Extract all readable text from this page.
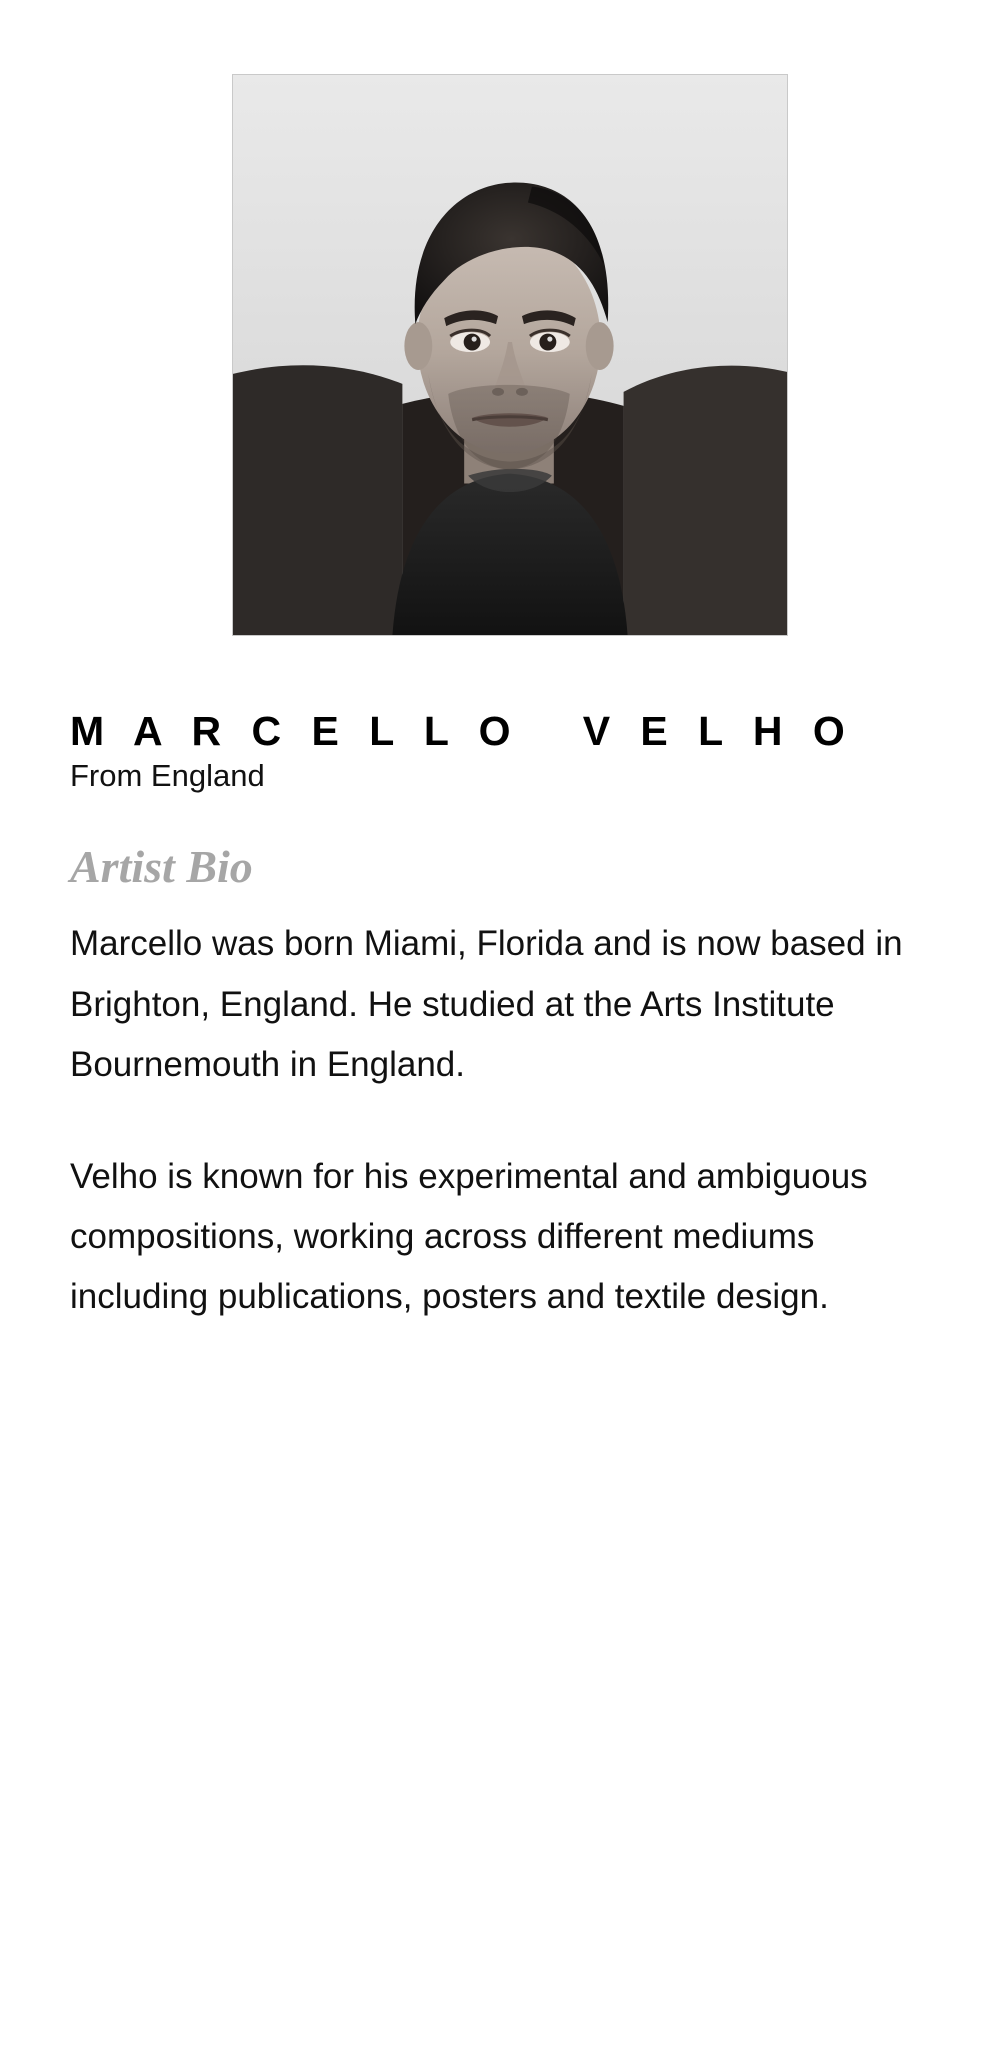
M A R C E L L O   V E L H O

From England

Artist Bio

Marcello was born Miami, Florida and is now based in Brighton, England. He studied at the Arts Institute Bournemouth in England.

Velho is known for his experimental and ambiguous compositions, working across different mediums including publications, posters and textile design.
